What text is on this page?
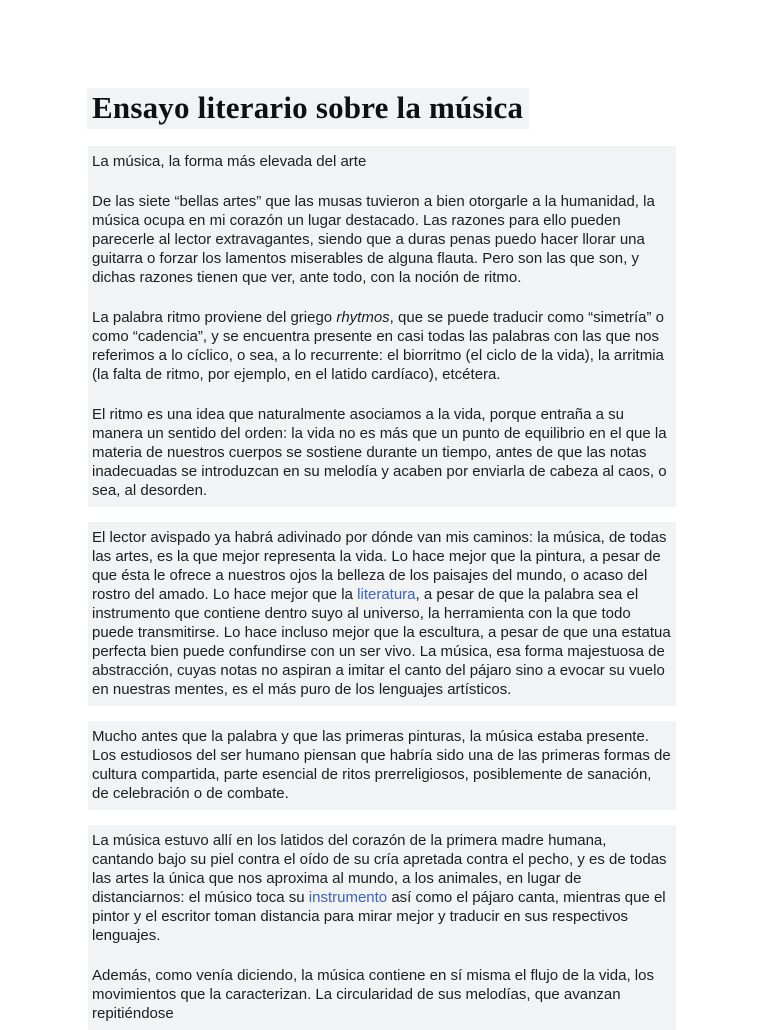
Ensayo literario sobre la música

La música, la forma más elevada del arte

De las siete “bellas artes” que las musas tuvieron a bien otorgarle a la humanidad, la música ocupa en mi corazón un lugar destacado. Las razones para ello pueden parecerle al lector extravagantes, siendo que a duras penas puedo hacer llorar una guitarra o forzar los lamentos miserables de alguna flauta. Pero son las que son, y dichas razones tienen que ver, ante todo, con la noción de ritmo.

La palabra ritmo proviene del griego rhytmos, que se puede traducir como “simetría” o como “cadencia”, y se encuentra presente en casi todas las palabras con las que nos referimos a lo cíclico, o sea, a lo recurrente: el biorritmo (el ciclo de la vida), la arritmia (la falta de ritmo, por ejemplo, en el latido cardíaco), etcétera.

El ritmo es una idea que naturalmente asociamos a la vida, porque entraña a su manera un sentido del orden: la vida no es más que un punto de equilibrio en el que la materia de nuestros cuerpos se sostiene durante un tiempo, antes de que las notas inadecuadas se introduzcan en su melodía y acaben por enviarla de cabeza al caos, o sea, al desorden.

El lector avispado ya habrá adivinado por dónde van mis caminos: la música, de todas las artes, es la que mejor representa la vida. Lo hace mejor que la pintura, a pesar de que ésta le ofrece a nuestros ojos la belleza de los paisajes del mundo, o acaso del rostro del amado. Lo hace mejor que la literatura, a pesar de que la palabra sea el instrumento que contiene dentro suyo al universo, la herramienta con la que todo puede transmitirse. Lo hace incluso mejor que la escultura, a pesar de que una estatua perfecta bien puede confundirse con un ser vivo. La música, esa forma majestuosa de abstracción, cuyas notas no aspiran a imitar el canto del pájaro sino a evocar su vuelo en nuestras mentes, es el más puro de los lenguajes artísticos.

Mucho antes que la palabra y que las primeras pinturas, la música estaba presente. Los estudiosos del ser humano piensan que habría sido una de las primeras formas de cultura compartida, parte esencial de ritos prerreligiosos, posiblemente de sanación, de celebración o de combate.

La música estuvo allí en los latidos del corazón de la primera madre humana, cantando bajo su piel contra el oído de su cría apretada contra el pecho, y es de todas las artes la única que nos aproxima al mundo, a los animales, en lugar de distanciarnos: el músico toca su instrumento así como el pájaro canta, mientras que el pintor y el escritor toman distancia para mirar mejor y traducir en sus respectivos lenguajes.

Además, como venía diciendo, la música contiene en sí misma el flujo de la vida, los movimientos que la caracterizan. La circularidad de sus melodías, que avanzan repitiéndose
